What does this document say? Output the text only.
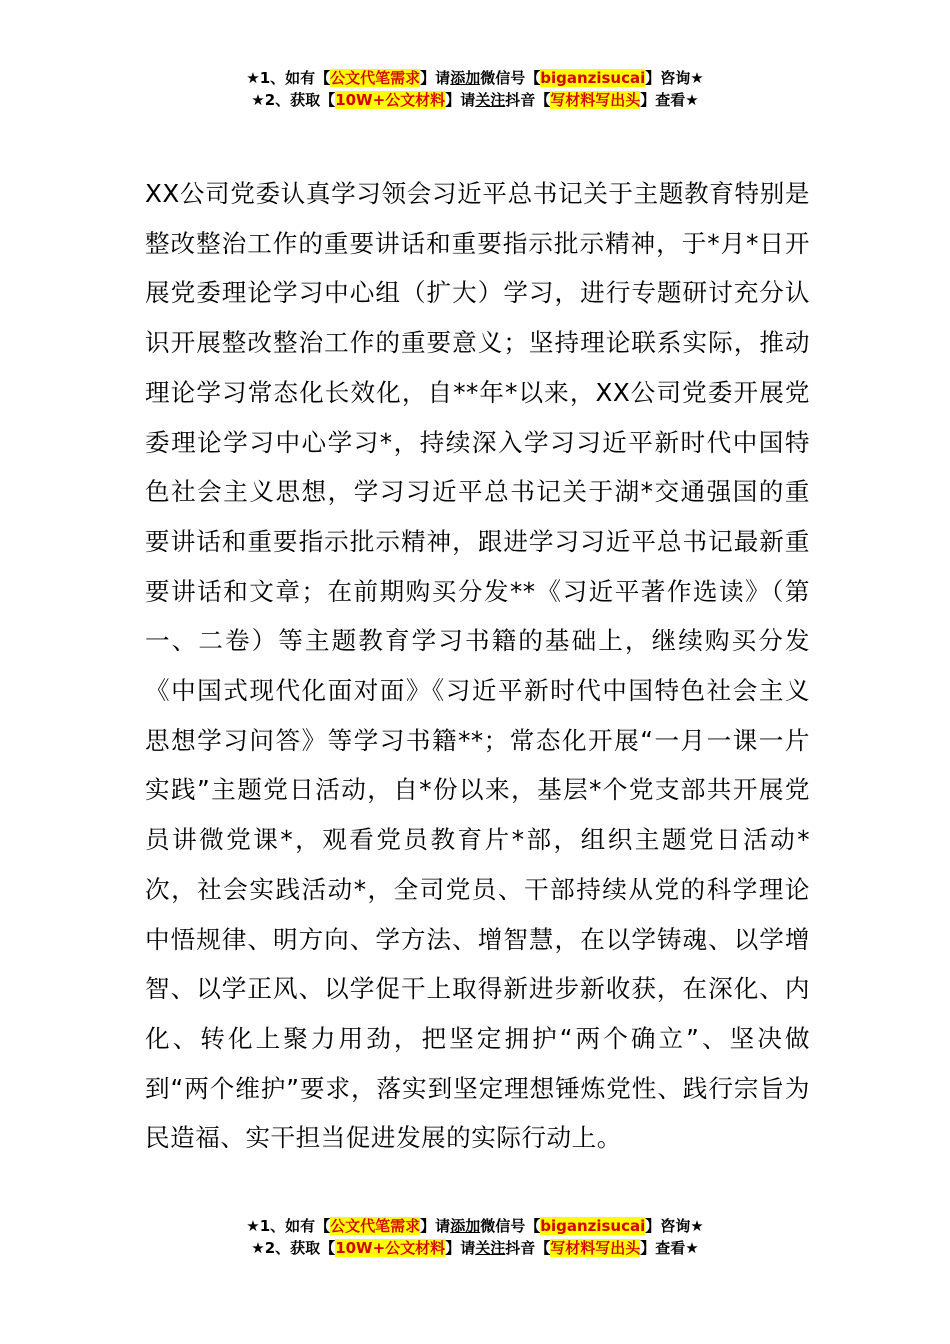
★1、如有【公文代笔需求】请添加微信号【biganzisucai】咨询★
★2、获取【10W+公文材料】请关注抖音【写材料写出头】查看★
XX公司党委认真学习领会习近平总书记关于主题教育特别是整改整治工作的重要讲话和重要指示批示精神，于*月*日开展党委理论学习中心组（扩大）学习，进行专题研讨充分认识开展整改整治工作的重要意义；坚持理论联系实际，推动理论学习常态化长效化，自**年*以来，XX公司党委开展党委理论学习中心学习*，持续深入学习习近平新时代中国特色社会主义思想，学习习近平总书记关于湖*交通强国的重要讲话和重要指示批示精神，跟进学习习近平总书记最新重要讲话和文章；在前期购买分发**《习近平著作选读》（第一、二卷）等主题教育学习书籍的基础上，继续购买分发《中国式现代化面对面》《习近平新时代中国特色社会主义思想学习问答》等学习书籍**；常态化开展“一月一课一片实践”主题党日活动，自*份以来，基层*个党支部共开展党员讲微党课*，观看党员教育片*部，组织主题党日活动*次，社会实践活动*，全司党员、干部持续从党的科学理论中悟规律、明方向、学方法、增智慧，在以学铸魂、以学增智、以学正风、以学促干上取得新进步新收获，在深化、内化、转化上聚力用劲，把坚定拥护“两个确立”、坚决做到“两个维护”要求，落实到坚定理想锤炼党性、践行宗旨为民造福、实干担当促进发展的实际行动上。
★1、如有【公文代笔需求】请添加微信号【biganzisucai】咨询★
★2、获取【10W+公文材料】请关注抖音【写材料写出头】查看★
